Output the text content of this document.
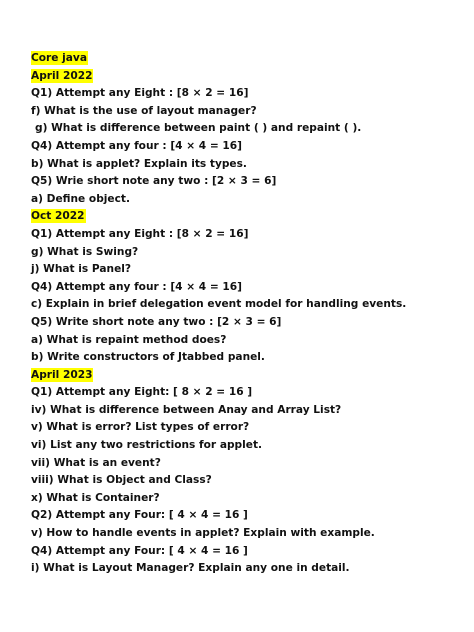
Core java
April 2022
Q1) Attempt any Eight : [8 × 2 = 16]
f) What is the use of layout manager?
g) What is difference between paint ( ) and repaint ( ).
Q4) Attempt any four : [4 × 4 = 16]
b) What is applet? Explain its types.
Q5) Wrie short note any two : [2 × 3 = 6]
a) Define object.
Oct 2022
Q1) Attempt any Eight : [8 × 2 = 16]
g) What is Swing?
j) What is Panel?
Q4) Attempt any four : [4 × 4 = 16]
c) Explain in brief delegation event model for handling events.
Q5) Write short note any two : [2 × 3 = 6]
a) What is repaint method does?
b) Write constructors of Jtabbed panel.
April 2023
Q1) Attempt any Eight: [ 8 × 2 = 16 ]
iv) What is difference between Anay and Array List?
v) What is error? List types of error?
vi) List any two restrictions for applet.
vii) What is an event?
viii) What is Object and Class?
x) What is Container?
Q2) Attempt any Four: [ 4 × 4 = 16 ]
v) How to handle events in applet? Explain with example.
Q4) Attempt any Four: [ 4 × 4 = 16 ]
i) What is Layout Manager? Explain any one in detail.
